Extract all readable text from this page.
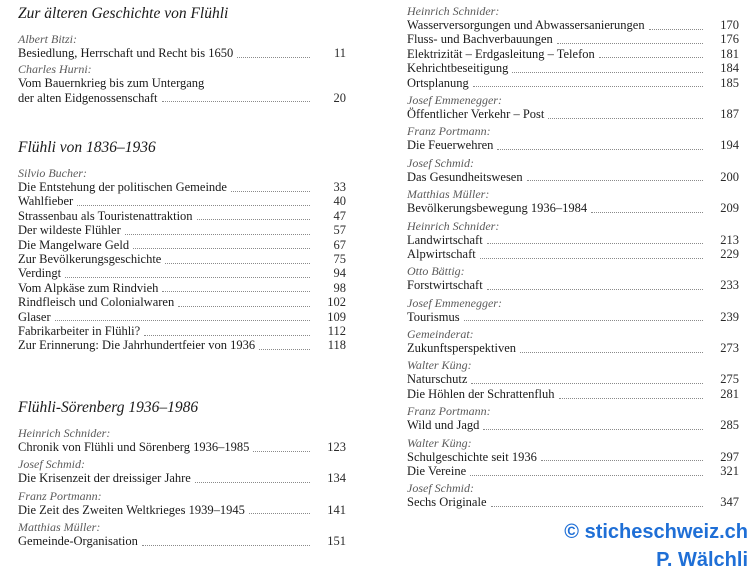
Zur älteren Geschichte von Flühli
Albert Bitzi:
Besiedlung, Herrschaft und Recht bis 1650	11
Charles Hurni:
Vom Bauernkrieg bis zum Untergang
der alten Eidgenossenschaft	20
Flühli von 1836–1936
Silvio Bucher:
Die Entstehung der politischen Gemeinde	33
Wahlfieber	40
Strassenbau als Touristenattraktion	47
Der wildeste Flühler	57
Die Mangelware Geld	67
Zur Bevölkerungsgeschichte	75
Verdingt	94
Vom Alpkäse zum Rindvieh	98
Rindfleisch und Colonialwaren	102
Glaser	109
Fabrikarbeiter in Flühli?	112
Zur Erinnerung: Die Jahrhundertfeier von 1936	118
Flühli-Sörenberg 1936–1986
Heinrich Schnider:
Chronik von Flühli und Sörenberg 1936–1985	123
Josef Schmid:
Die Krisenzeit der dreissiger Jahre	134
Franz Portmann:
Die Zeit des Zweiten Weltkrieges 1939–1945	141
Matthias Müller:
Gemeinde-Organisation	151
Heinrich Schnider:
Wasserversorgungen und Abwassersanierungen	170
Fluss- und Bachverbauungen	176
Elektrizität – Erdgasleitung – Telefon	181
Kehrichtbeseitigung	184
Ortsplanung	185
Josef Emmenegger:
Öffentlicher Verkehr – Post	187
Franz Portmann:
Die Feuerwehren	194
Josef Schmid:
Das Gesundheitswesen	200
Matthias Müller:
Bevölkerungsbewegung 1936–1984	209
Heinrich Schnider:
Landwirtschaft	213
Alpwirtschaft	229
Otto Bättig:
Forstwirtschaft	233
Josef Emmenegger:
Tourismus	239
Gemeinderat:
Zukunftsperspektiven	273
Walter Küng:
Naturschutz	275
Die Höhlen der Schrattenfluh	281
Franz Portmann:
Wild und Jagd	285
Walter Küng:
Schulgeschichte seit 1936	297
Die Vereine	321
Josef Schmid:
Sechs Originale	347
© sticheschweiz.ch
P. Wälchli
